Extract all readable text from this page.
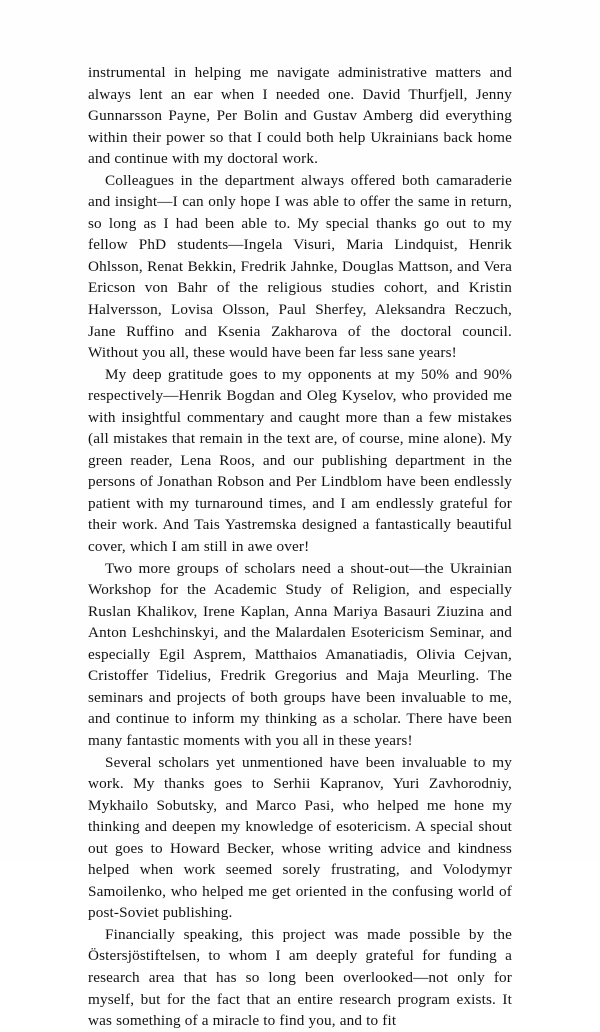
instrumental in helping me navigate administrative matters and always lent an ear when I needed one. David Thurfjell, Jenny Gunnarsson Payne, Per Bolin and Gustav Amberg did everything within their power so that I could both help Ukrainians back home and continue with my doctoral work.

Colleagues in the department always offered both camaraderie and insight—I can only hope I was able to offer the same in return, so long as I had been able to. My special thanks go out to my fellow PhD students—Ingela Visuri, Maria Lindquist, Henrik Ohlsson, Renat Bekkin, Fredrik Jahnke, Douglas Mattson, and Vera Ericson von Bahr of the religious studies cohort, and Kristin Halversson, Lovisa Olsson, Paul Sherfey, Aleksandra Reczuch, Jane Ruffino and Ksenia Zakharova of the doctoral council. Without you all, these would have been far less sane years!

My deep gratitude goes to my opponents at my 50% and 90% respectively—Henrik Bogdan and Oleg Kyselov, who provided me with insightful commentary and caught more than a few mistakes (all mistakes that remain in the text are, of course, mine alone). My green reader, Lena Roos, and our publishing department in the persons of Jonathan Robson and Per Lindblom have been endlessly patient with my turnaround times, and I am endlessly grateful for their work. And Tais Yastremska designed a fantastically beautiful cover, which I am still in awe over!

Two more groups of scholars need a shout-out—the Ukrainian Workshop for the Academic Study of Religion, and especially Ruslan Khalikov, Irene Kaplan, Anna Mariya Basauri Ziuzina and Anton Leshchinskyi, and the Malardalen Esotericism Seminar, and especially Egil Asprem, Matthaios Amanatiadis, Olivia Cejvan, Cristoffer Tidelius, Fredrik Gregorius and Maja Meurling. The seminars and projects of both groups have been invaluable to me, and continue to inform my thinking as a scholar. There have been many fantastic moments with you all in these years!

Several scholars yet unmentioned have been invaluable to my work. My thanks goes to Serhii Kapranov, Yuri Zavhorodniy, Mykhailo Sobutsky, and Marco Pasi, who helped me hone my thinking and deepen my knowledge of esotericism. A special shout out goes to Howard Becker, whose writing advice and kindness helped when work seemed sorely frustrating, and Volodymyr Samoilenko, who helped me get oriented in the confusing world of post-Soviet publishing.

Financially speaking, this project was made possible by the Östersjöstiftelsen, to whom I am deeply grateful for funding a research area that has so long been overlooked—not only for myself, but for the fact that an entire research program exists. It was something of a miracle to find you, and to fit
